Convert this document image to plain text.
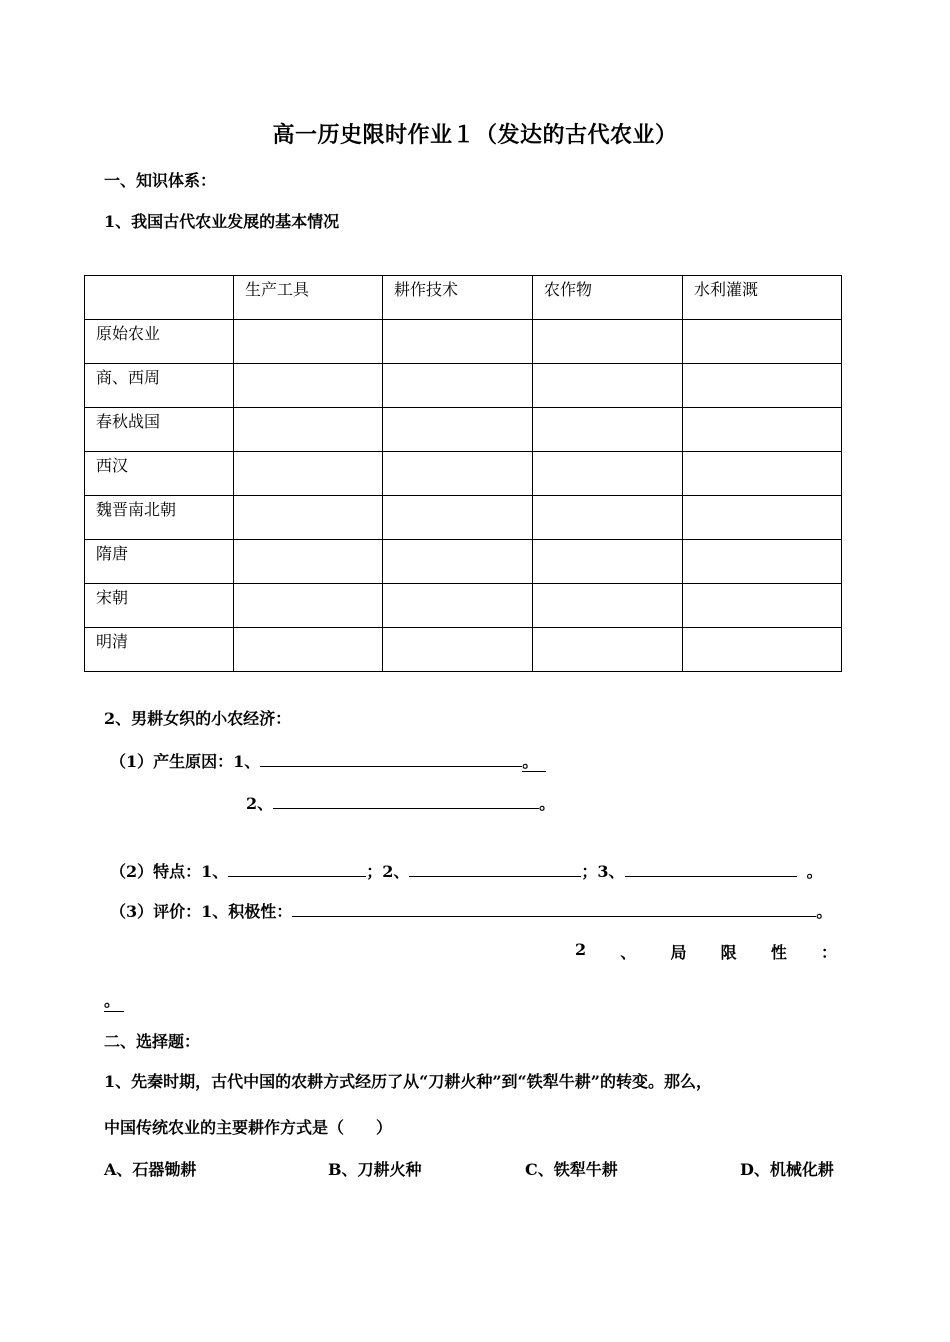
高一历史限时作业１（发达的古代农业）
一、知识体系：
1、我国古代农业发展的基本情况
	生产工具	耕作技术	农作物	水利灌溉
原始农业				
商、西周				
春秋战国				
西汉				
魏晋南北朝				
隋唐				
宋朝				
明清				
2、男耕女织的小农经济：
（1）产生原因：1、	。
2、	。
（2）特点：1、	；2、	；3、	。
（3）评价：1、积极性：	。
2 、 局 限 性 ：
。
二、选择题：
1、先秦时期，古代中国的农耕方式经历了从“刀耕火种”到“铁犁牛耕”的转变。那么，
中国传统农业的主要耕作方式是（　　）
A、石器锄耕	B、刀耕火种	C、铁犁牛耕	D、机械化耕
